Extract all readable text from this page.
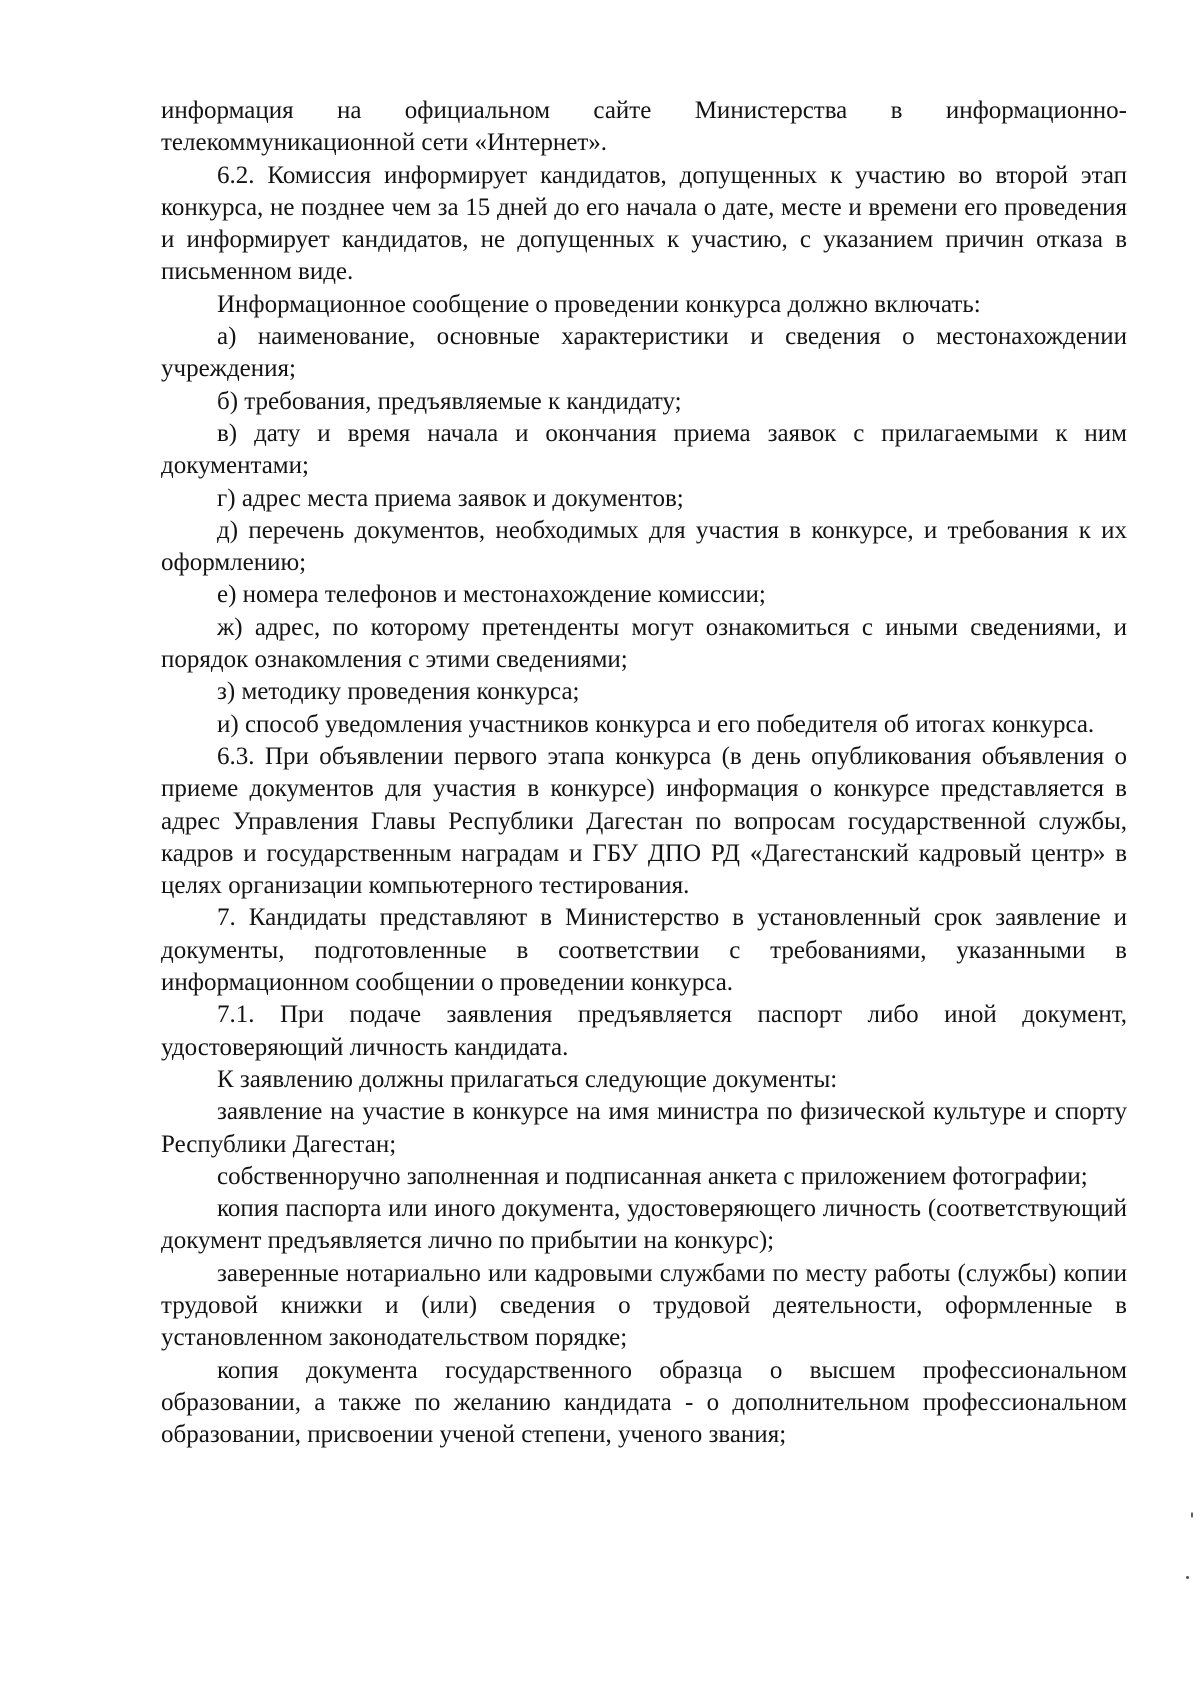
информация на официальном сайте Министерства в информационно-телекоммуникационной сети «Интернет».

6.2. Комиссия информирует кандидатов, допущенных к участию во второй этап конкурса, не позднее чем за 15 дней до его начала о дате, месте и времени его проведения и информирует кандидатов, не допущенных к участию, с указанием причин отказа в письменном виде.

Информационное сообщение о проведении конкурса должно включать:

а) наименование, основные характеристики и сведения о местонахождении учреждения;

б) требования, предъявляемые к кандидату;

в) дату и время начала и окончания приема заявок с прилагаемыми к ним документами;

г) адрес места приема заявок и документов;

д) перечень документов, необходимых для участия в конкурсе, и требования к их оформлению;

е) номера телефонов и местонахождение комиссии;

ж) адрес, по которому претенденты могут ознакомиться с иными сведениями, и порядок ознакомления с этими сведениями;

з) методику проведения конкурса;

и) способ уведомления участников конкурса и его победителя об итогах конкурса.

6.3. При объявлении первого этапа конкурса (в день опубликования объявления о приеме документов для участия в конкурсе) информация о конкурсе представляется в адрес Управления Главы Республики Дагестан по вопросам государственной службы, кадров и государственным наградам и ГБУ ДПО РД «Дагестанский кадровый центр» в целях организации компьютерного тестирования.

7. Кандидаты представляют в Министерство в установленный срок заявление и документы, подготовленные в соответствии с требованиями, указанными в информационном сообщении о проведении конкурса.

7.1. При подаче заявления предъявляется паспорт либо иной документ, удостоверяющий личность кандидата.

К заявлению должны прилагаться следующие документы:

заявление на участие в конкурсе на имя министра по физической культуре и спорту Республики Дагестан;

собственноручно заполненная и подписанная анкета с приложением фотографии;

копия паспорта или иного документа, удостоверяющего личность (соответствующий документ предъявляется лично по прибытии на конкурс);

заверенные нотариально или кадровыми службами по месту работы (службы) копии трудовой книжки и (или) сведения о трудовой деятельности, оформленные в установленном законодательством порядке;

копия документа государственного образца о высшем профессиональном образовании, а также по желанию кандидата - о дополнительном профессиональном образовании, присвоении ученой степени, ученого звания;
